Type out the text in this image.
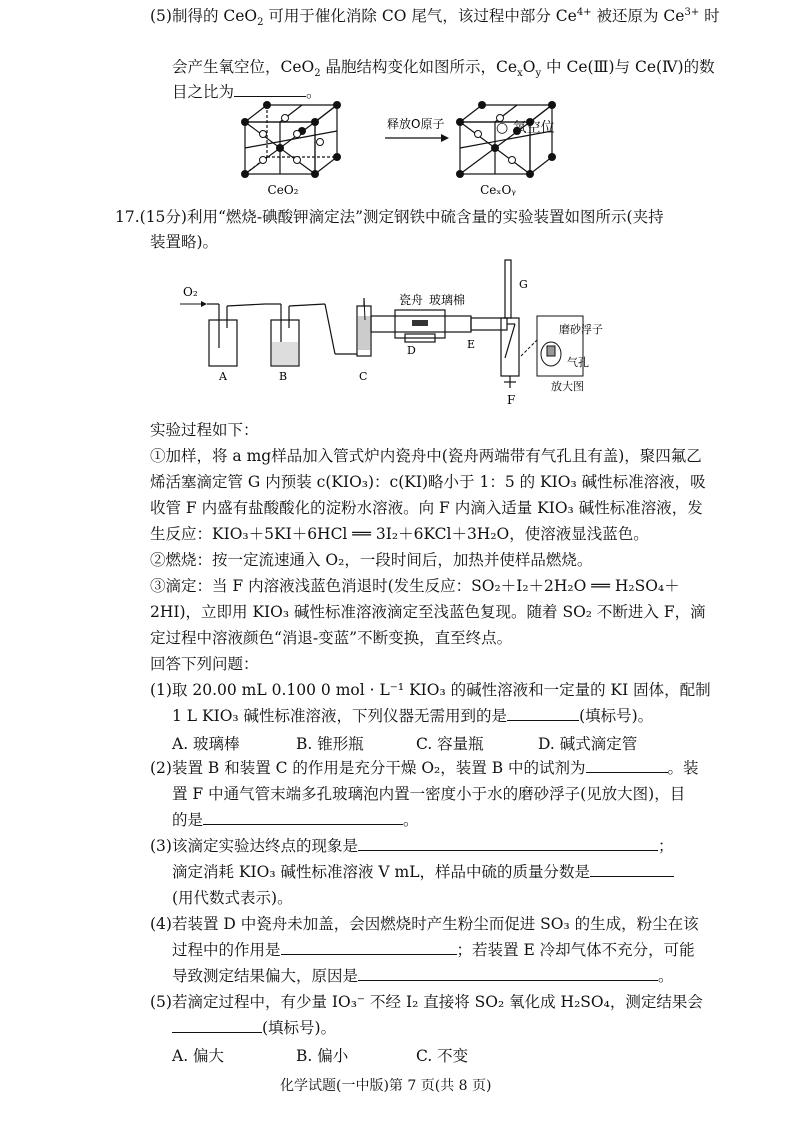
(5)制得的 CeO$_2$ 可用于催化消除 CO 尾气，该过程中部分 $Ce^{4+}$ 被还原为 $Ce^{3+}$ 时
会产生氧空位，CeO$_2$ 晶胞结构变化如图所示，$Ce_xO_y$ 中 Ce(Ⅲ)与 Ce(Ⅳ)的数
目之比为	。
CeO₂
释放O原子
CeₓOᵧ
○ 氧空位
17.(15分)利用“燃烧-碘酸钾滴定法”测定钢铁中硫含量的实验装置如图所示(夹持
装置略)。
O₂
A	B	C
瓷舟 玻璃棉
D	E
G
F
磨砂浮子
气孔
放大图
实验过程如下：
①加样，将 a mg样品加入管式炉内瓷舟中(瓷舟两端带有气孔且有盖)，聚四氟乙
烯活塞滴定管 G 内预装 c(KIO₃)：c(KI)略小于 1：5 的 KIO₃ 碱性标准溶液，吸
收管 F 内盛有盐酸酸化的淀粉水溶液。向 F 内滴入适量 KIO₃ 碱性标准溶液，发
生反应：KIO₃＋5KI＋6HCl ══ 3I₂＋6KCl＋3H₂O，使溶液显浅蓝色。
②燃烧：按一定流速通入 O₂，一段时间后，加热并使样品燃烧。
③滴定：当 F 内溶液浅蓝色消退时(发生反应：SO₂＋I₂＋2H₂O ══ H₂SO₄＋
2HI)，立即用 KIO₃ 碱性标准溶液滴定至浅蓝色复现。随着 SO₂ 不断进入 F，滴
定过程中溶液颜色“消退-变蓝”不断变换，直至终点。
回答下列问题：
(1)取 20.00 mL 0.100 0 mol · L⁻¹ KIO₃ 的碱性溶液和一定量的 KI 固体，配制
1 L KIO₃ 碱性标准溶液，下列仪器无需用到的是	(填标号)。
A. 玻璃棒	B. 锥形瓶	C. 容量瓶	D. 碱式滴定管
(2)装置 B 和装置 C 的作用是充分干燥 O₂，装置 B 中的试剂为	。装
置 F 中通气管末端多孔玻璃泡内置一密度小于水的磨砂浮子(见放大图)，目
的是	。
(3)该滴定实验达终点的现象是	；
滴定消耗 KIO₃ 碱性标准溶液 V mL，样品中硫的质量分数是
(用代数式表示)。
(4)若装置 D 中瓷舟未加盖，会因燃烧时产生粉尘而促进 SO₃ 的生成，粉尘在该
过程中的作用是	；若装置 E 冷却气体不充分，可能
导致测定结果偏大，原因是	。
(5)若滴定过程中，有少量 IO₃⁻ 不经 I₂ 直接将 SO₂ 氧化成 H₂SO₄，测定结果会
(填标号)。
A. 偏大	B. 偏小	C. 不变
化学试题(一中版)第 7 页(共 8 页)
